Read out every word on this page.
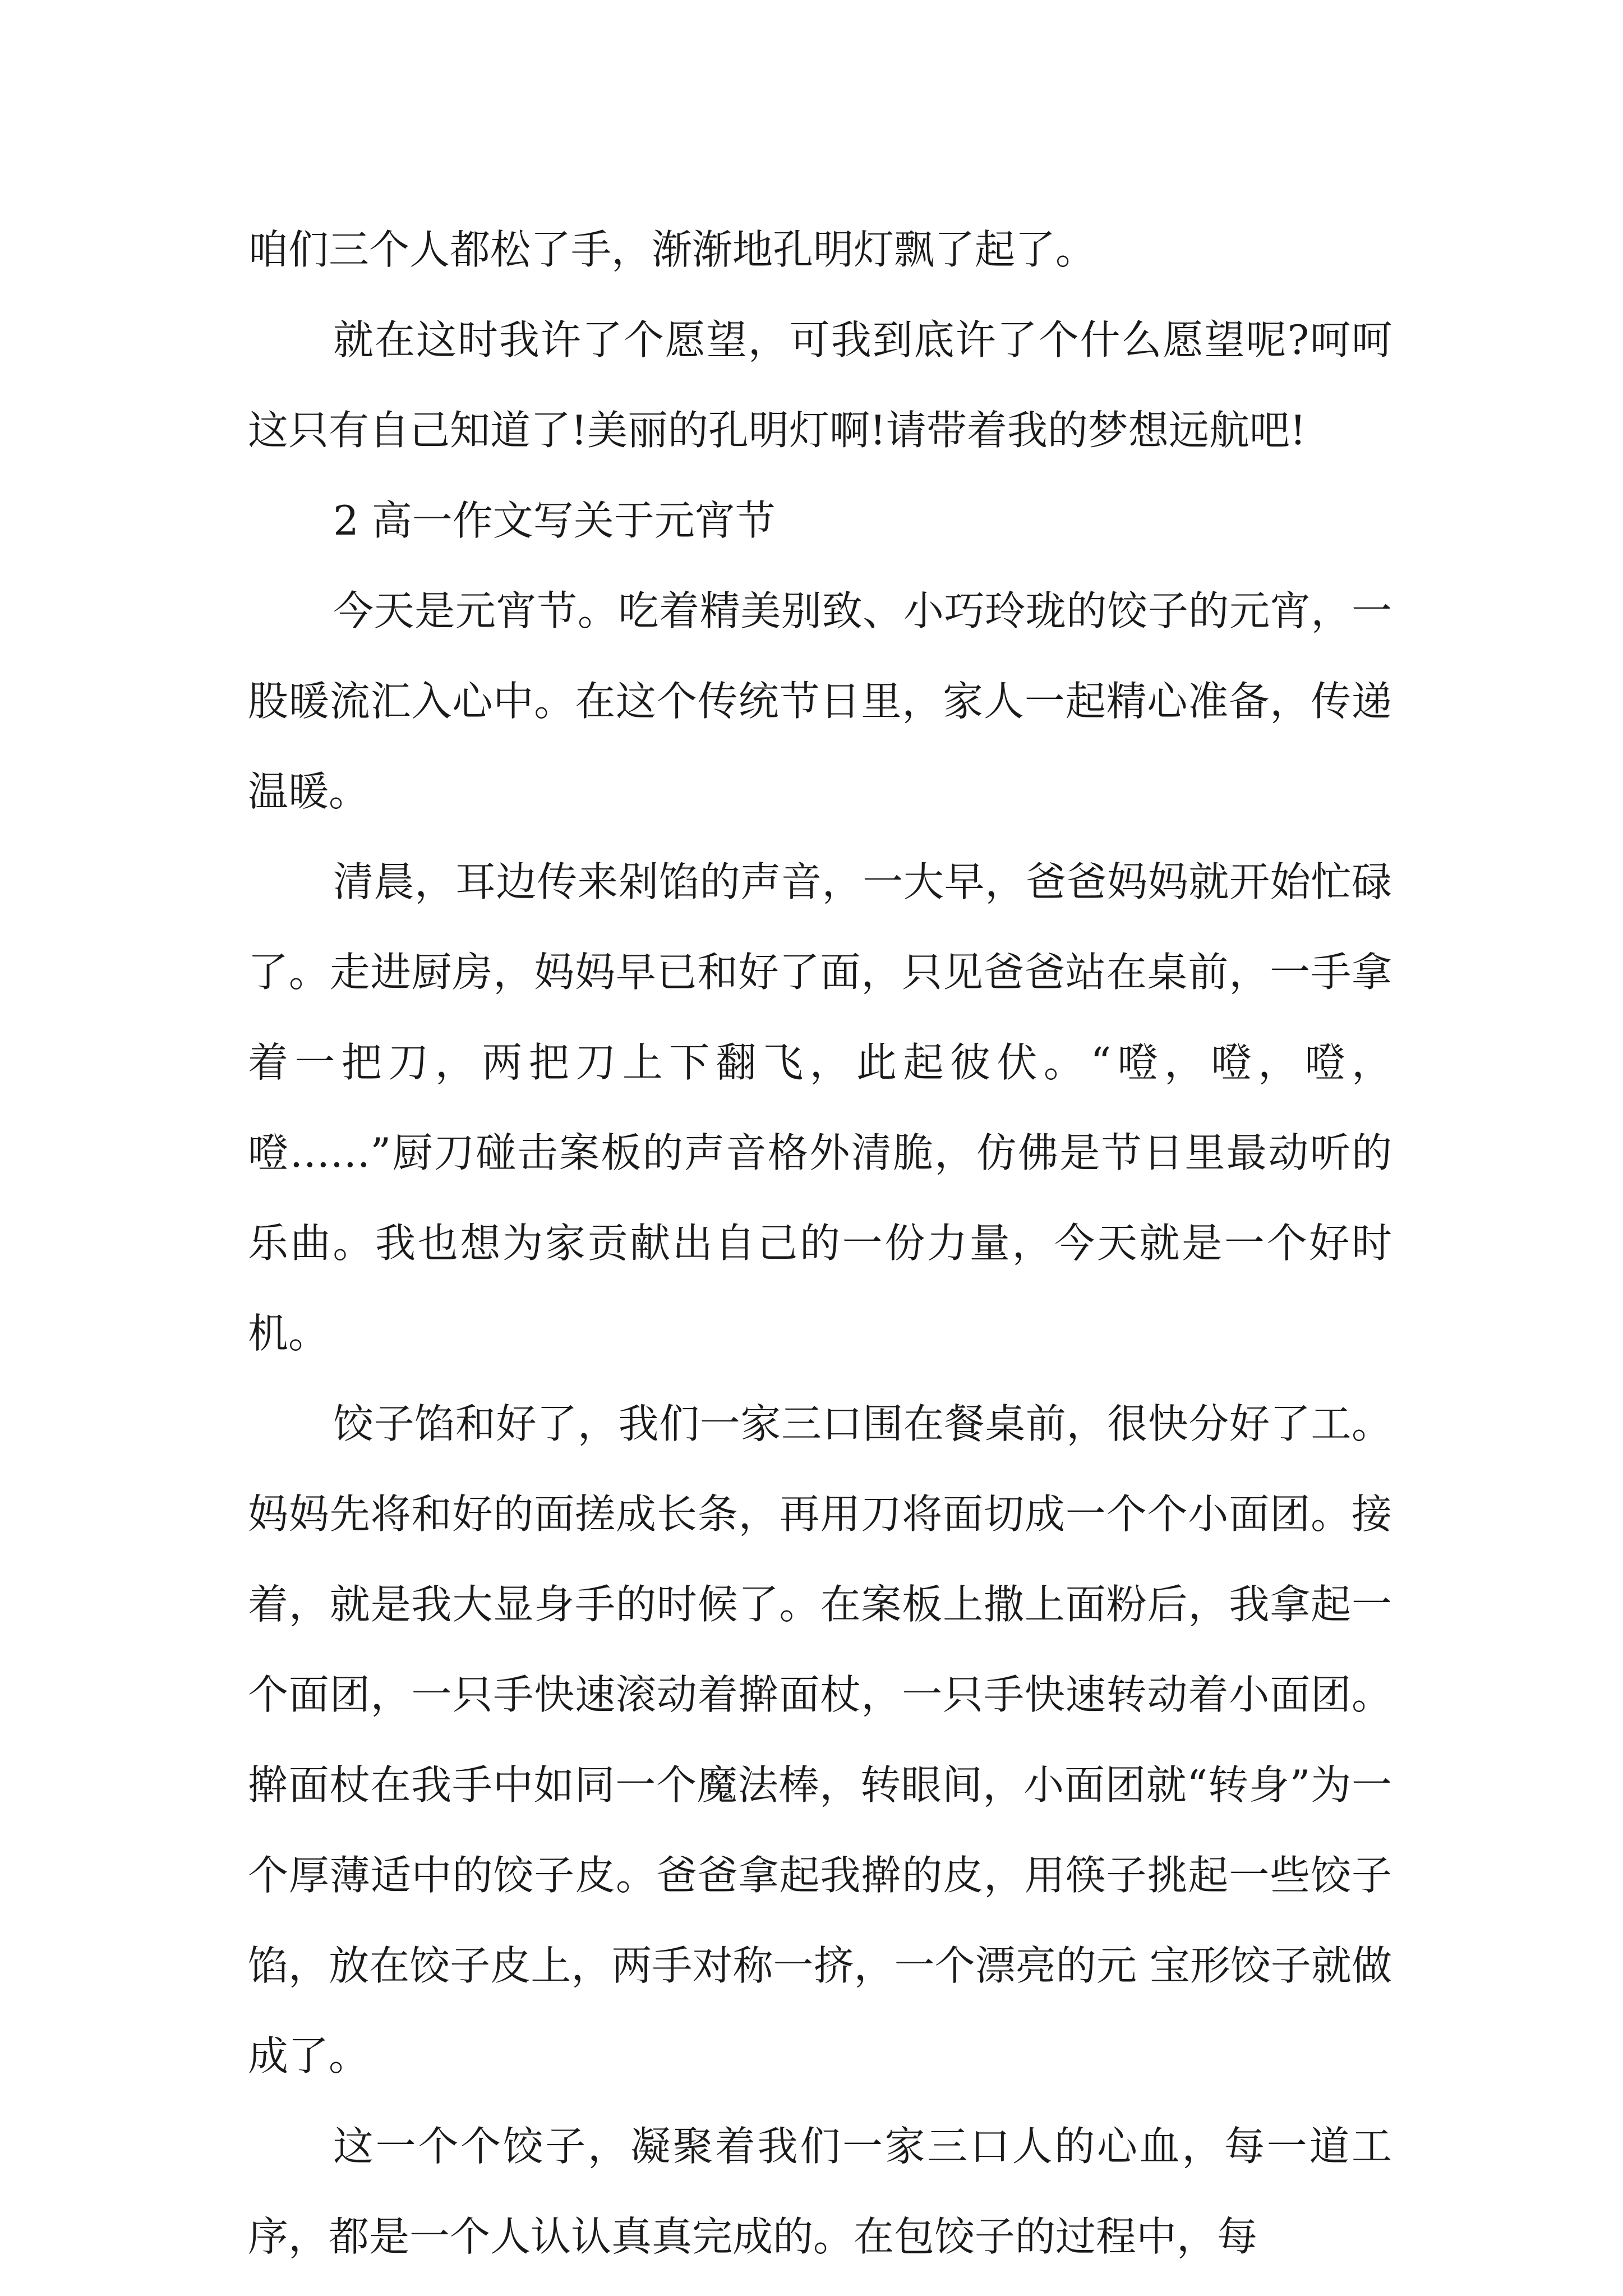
咱们三个人都松了手，渐渐地孔明灯飘了起了。

就在这时我许了个愿望，可我到底许了个什么愿望呢?呵呵这只有自己知道了!美丽的孔明灯啊!请带着我的梦想远航吧!

2 高一作文写关于元宵节

今天是元宵节。吃着精美别致、小巧玲珑的饺子的元宵，一股暖流汇入心中。在这个传统节日里，家人一起精心准备，传递温暖。

清晨，耳边传来剁馅的声音，一大早，爸爸妈妈就开始忙碌了。走进厨房，妈妈早已和好了面，只见爸爸站在桌前，一手拿着一把刀，两把刀上下翻飞，此起彼伏。“噔，噔，噔，噔……”厨刀碰击案板的声音格外清脆，仿佛是节日里最动听的乐曲。我也想为家贡献出自己的一份力量，今天就是一个好时机。

饺子馅和好了，我们一家三口围在餐桌前，很快分好了工。妈妈先将和好的面搓成长条，再用刀将面切成一个个小面团。接着，就是我大显身手的时候了。在案板上撒上面粉后，我拿起一个面团，一只手快速滚动着擀面杖，一只手快速转动着小面团。擀面杖在我手中如同一个魔法棒，转眼间，小面团就“转身”为一个厚薄适中的饺子皮。爸爸拿起我擀的皮，用筷子挑起一些饺子馅，放在饺子皮上，两手对称一挤，一个漂亮的元 宝形饺子就做成了。

这一个个饺子，凝聚着我们一家三口人的心血，每一道工序，都是一个人认认真真完成的。在包饺子的过程中，每
